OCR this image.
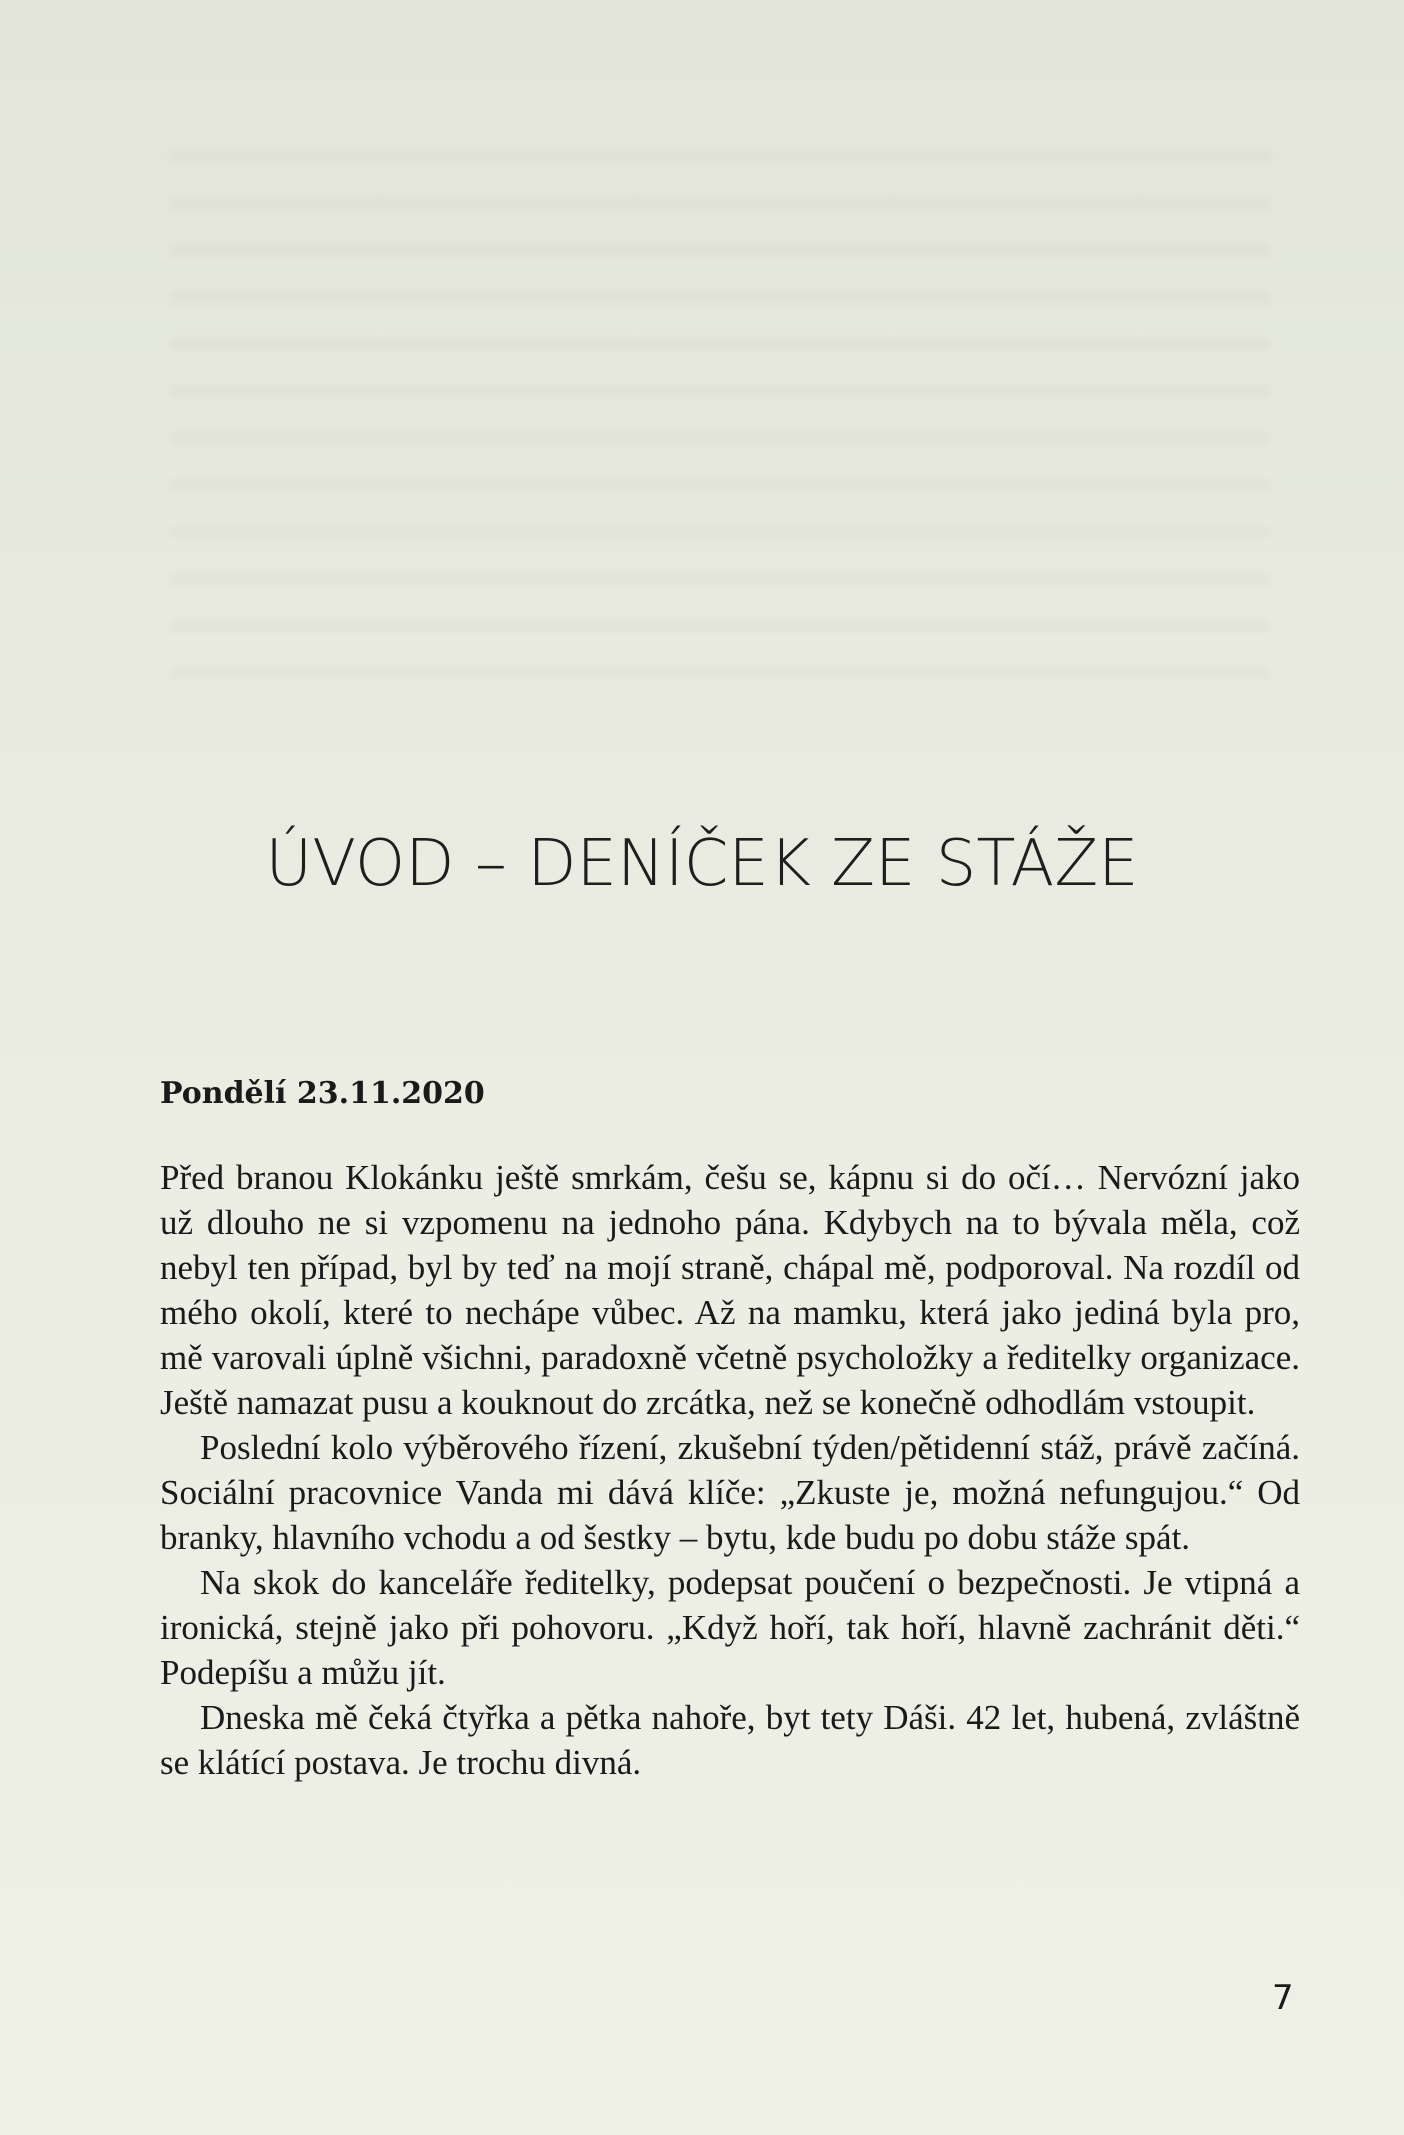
ÚVOD – DENÍČEK ZE STÁŽE
Pondělí 23.11.2020

Před branou Klokánku ještě smrkám, češu se, kápnu si do očí… Nervózní jako už dlouho ne si vzpomenu na jednoho pána. Kdybych na to bývala měla, což nebyl ten případ, byl by teď na mojí straně, chápal mě, podporoval. Na rozdíl od mého okolí, které to nechápe vůbec. Až na mamku, která jako jediná byla pro, mě varovali úplně všichni, paradoxně včetně psycholožky a ředitelky organizace. Ještě namazat pusu a kouknout do zrcátka, než se konečně odhodlám vstoupit.

Poslední kolo výběrového řízení, zkušební týden/pětidenní stáž, právě začíná. Sociální pracovnice Vanda mi dává klíče: „Zkuste je, možná nefungujou.“ Od branky, hlavního vchodu a od šestky – bytu, kde budu po dobu stáže spát.

Na skok do kanceláře ředitelky, podepsat poučení o bezpečnosti. Je vtipná a ironická, stejně jako při pohovoru. „Když hoří, tak hoří, hlavně zachránit děti.“ Podepíšu a můžu jít.

Dneska mě čeká čtyřka a pětka nahoře, byt tety Dáši. 42 let, hubená, zvláštně se klátící postava. Je trochu divná.

7
